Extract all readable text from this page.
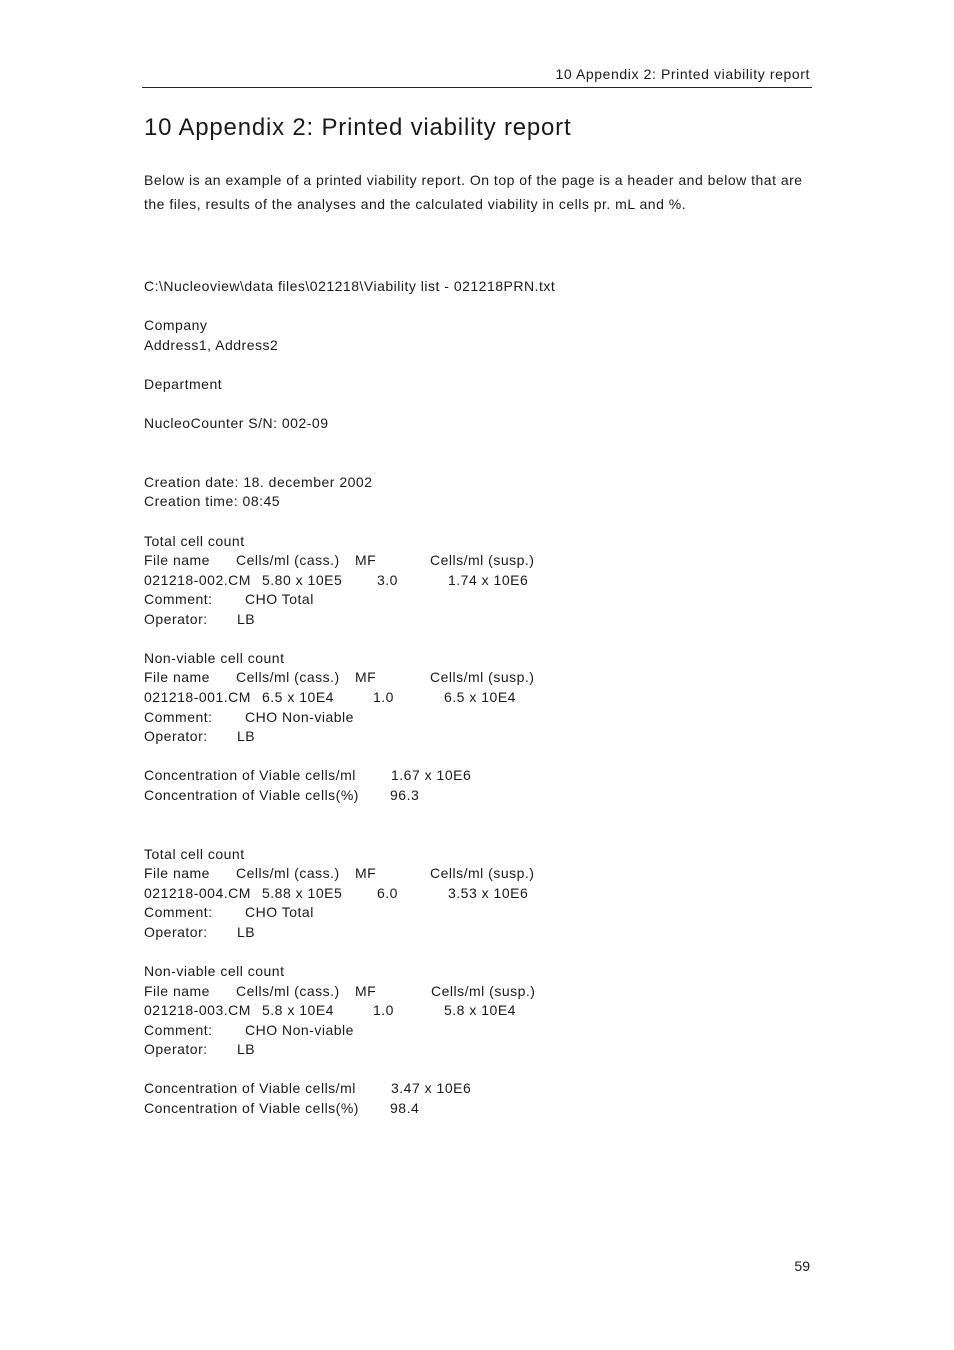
10 Appendix 2: Printed viability report
10 Appendix 2: Printed viability report

Below is an example of a printed viability report. On top of the page is a header and below that are the files, results of the analyses and the calculated viability in cells pr. mL and %.

C:\Nucleoview\data files\021218\Viability list - 021218PRN.txt
Company
Address1, Address2
Department
NucleoCounter S/N: 002-09
Creation date: 18. december 2002
Creation time: 08:45
Total cell count
File name Cells/ml (cass.) MF	Cells/ml (susp.)
021218-002.CM 5.80 x 10E5 3.0	1.74 x 10E6
Comment: CHO Total
Operator: LB
Non-viable cell count
File name Cells/ml (cass.) MF	Cells/ml (susp.)
021218-001.CM 6.5 x 10E4	1.0	6.5 x 10E4
Comment: CHO Non-viable
Operator: LB
Concentration of Viable cells/ml	1.67 x 10E6
Concentration of Viable cells(%) 96.3
Total cell count
File name Cells/ml (cass.) MF	Cells/ml (susp.)
021218-004.CM 5.88 x 10E5 6.0	3.53 x 10E6
Comment: CHO Total
Operator: LB
Non-viable cell count
File name Cells/ml (cass.) MF	Cells/ml (susp.)
021218-003.CM 5.8 x 10E4	1.0	5.8 x 10E4
Comment: CHO Non-viable
Operator: LB
Concentration of Viable cells/ml	3.47 x 10E6
Concentration of Viable cells(%) 98.4
59
